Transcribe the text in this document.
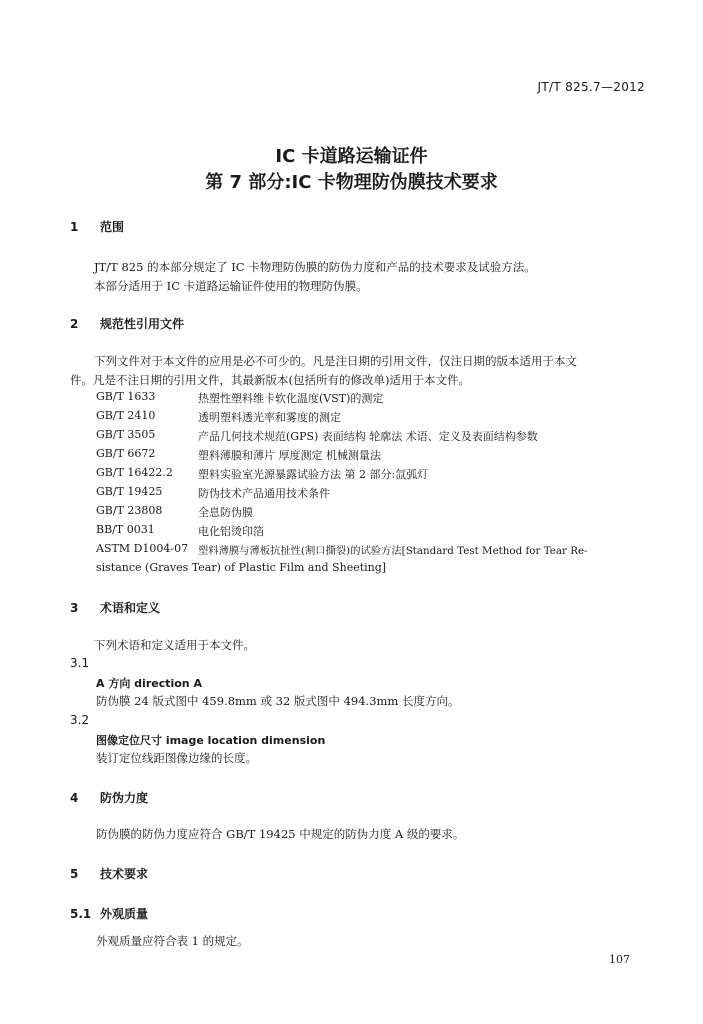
JT/T 825.7—2012
IC 卡道路运输证件
第 7 部分:IC 卡物理防伪膜技术要求
1 范围
JT/T 825 的本部分规定了 IC 卡物理防伪膜的防伪力度和产品的技术要求及试验方法。
本部分适用于 IC 卡道路运输证件使用的物理防伪膜。
2 规范性引用文件
下列文件对于本文件的应用是必不可少的。凡是注日期的引用文件，仅注日期的版本适用于本文
件。凡是不注日期的引用文件，其最新版本(包括所有的修改单)适用于本文件。
GB/T 1633	热塑性塑料维卡软化温度(VST)的测定
GB/T 2410	透明塑料透光率和雾度的测定
GB/T 3505	产品几何技术规范(GPS) 表面结构 轮廓法 术语、定义及表面结构参数
GB/T 6672	塑料薄膜和薄片 厚度测定 机械测量法
GB/T 16422.2 塑料实验室光源暴露试验方法 第 2 部分:氙弧灯
GB/T 19425	防伪技术产品通用技术条件
GB/T 23808	全息防伪膜
BB/T 0031	电化铝烫印箔
ASTM D1004-07 塑料薄膜与薄板抗扯性(割口撕裂)的试验方法[Standard Test Method for Tear Re-
sistance (Graves Tear) of Plastic Film and Sheeting]
3 术语和定义
下列术语和定义适用于本文件。
3.1
A 方向 direction A
防伪膜 24 版式图中 459.8mm 或 32 版式图中 494.3mm 长度方向。
3.2
图像定位尺寸 image location dimension
装订定位线距图像边缘的长度。
4 防伪力度
防伪膜的防伪力度应符合 GB/T 19425 中规定的防伪力度 A 级的要求。
5 技术要求
5.1 外观质量
外观质量应符合表 1 的规定。
107
